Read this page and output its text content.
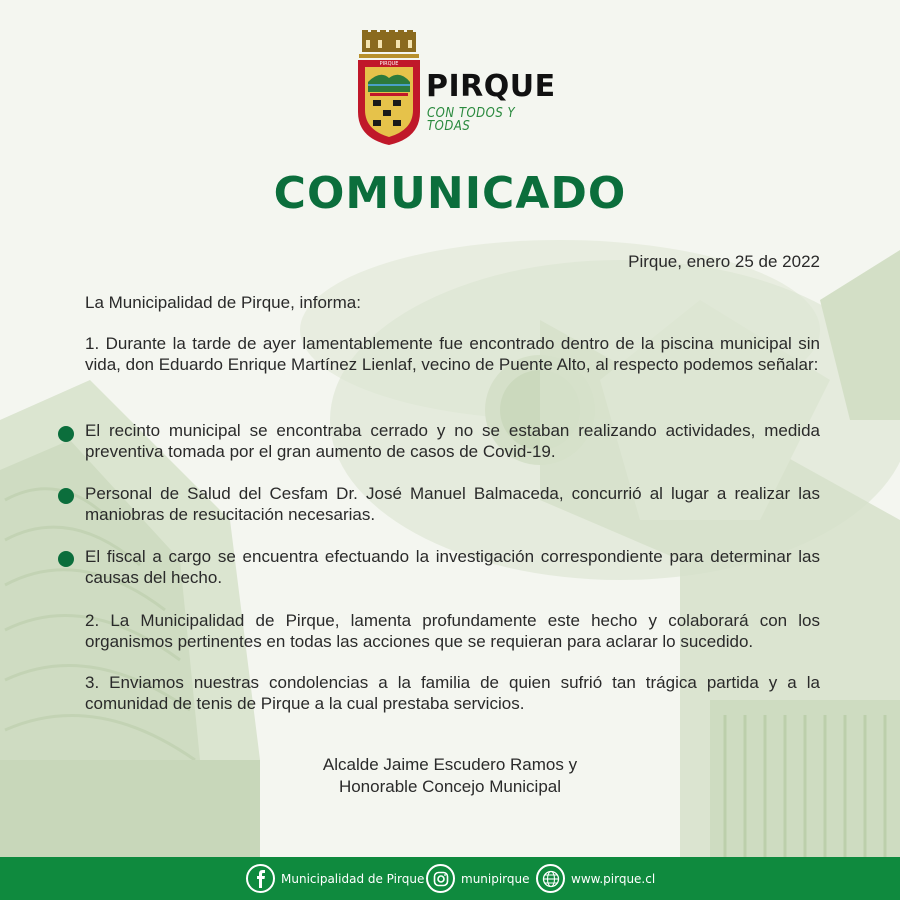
PIRQUE
PIRQUE
CON TODOS Y TODAS
COMUNICADO
Pirque, enero 25 de 2022
La Municipalidad de Pirque, informa:
1. Durante la tarde de ayer lamentablemente fue encontrado dentro de la piscina municipal sin vida, don Eduardo Enrique Martínez Lienlaf, vecino de Puente Alto, al respecto podemos señalar:
El recinto municipal se encontraba cerrado y no se estaban realizando actividades, medida preventiva tomada por el gran aumento de casos de Covid-19.
Personal de Salud del Cesfam Dr. José Manuel Balmaceda, concurrió al lugar a realizar las maniobras de resucitación necesarias.
El fiscal a cargo se encuentra efectuando la investigación correspondiente para determinar las causas del hecho.
2. La Municipalidad de Pirque, lamenta profundamente este hecho y colaborará con los organismos pertinentes en todas las acciones que se requieran para aclarar lo sucedido.
3. Enviamos nuestras condolencias a la familia de quien sufrió tan trágica partida y a la comunidad de tenis de Pirque a la cual prestaba servicios.
Alcalde Jaime Escudero Ramos y
Honorable Concejo Municipal
Municipalidad de Pirque	munipirque	www.pirque.cl
